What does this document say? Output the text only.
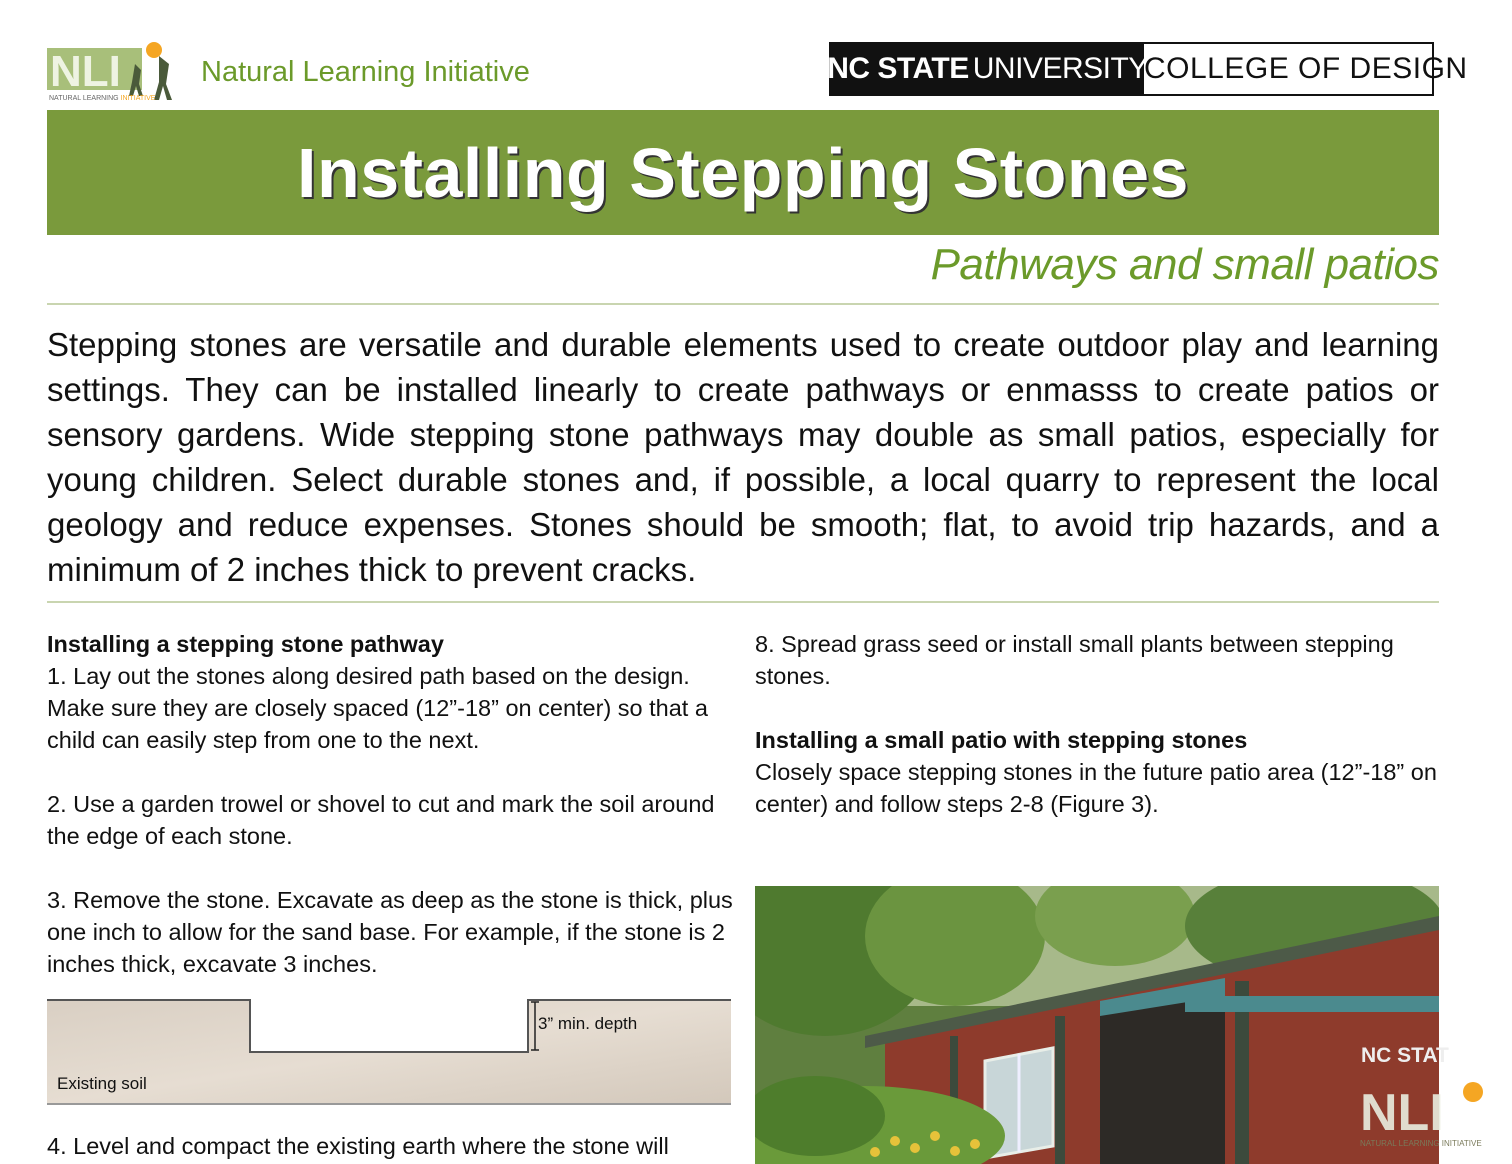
NLI
NATURAL LEARNING INITIATIVE
Natural Learning Initiative	NC STATE UNIVERSITY
COLLEGE OF DESIGN
Installing Stepping Stones
Pathways and small patios
Stepping stones are versatile and durable elements used to create outdoor play and learning settings. They can be installed linearly to create pathways or enmasss to create patios or sensory gardens. Wide stepping stone pathways may double as small patios, especially for young children. Select durable stones and, if possible, a local quarry to represent the local geology and reduce expenses. Stones should be smooth; flat, to avoid trip hazards, and a minimum of 2 inches thick to prevent cracks.
Installing a stepping stone pathway

1. Lay out the stones along desired path based on the design. Make sure they are closely spaced (12”-18” on center) so that a child can easily step from one to the next.

2. Use a garden trowel or shovel to cut and mark the soil around the edge of each stone.

3. Remove the stone. Excavate as deep as the stone is thick, plus one inch to allow for the sand base. For example, if the stone is 2 inches thick, excavate 3 inches.

3” min. depth
Existing soil
4. Level and compact the existing earth where the stone will

8. Spread grass seed or install small plants between stepping stones.

Installing a small patio with stepping stones

Closely space stepping stones in the future patio area (12”-18” on center) and follow steps 2-8 (Figure 3).

NC STAT
NLI
NATURAL LEARNING INITIATIVE
